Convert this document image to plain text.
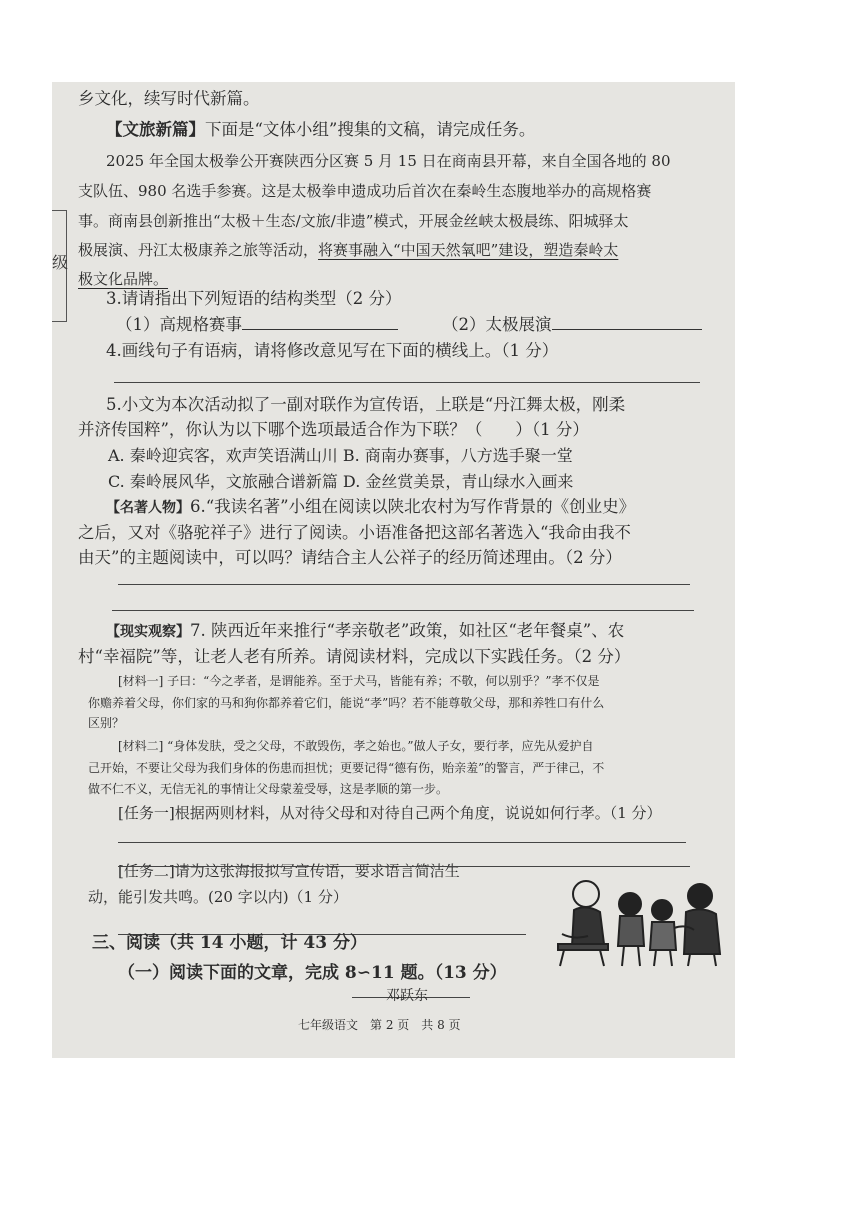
级
乡文化，续写时代新篇。
【文旅新篇】下面是“文体小组”搜集的文稿，请完成任务。
2025 年全国太极拳公开赛陕西分区赛 5 月 15 日在商南县开幕，来自全国各地的 80
支队伍、980 名选手参赛。这是太极拳申遗成功后首次在秦岭生态腹地举办的高规格赛
事。商南县创新推出“太极＋生态/文旅/非遗”模式，开展金丝峡太极晨练、阳城驿太
极展演、丹江太极康养之旅等活动，将赛事融入“中国天然氧吧”建设，塑造秦岭太
极文化品牌。
3.请请指出下列短语的结构类型（2 分）
（1）高规格赛事	（2）太极展演
4.画线句子有语病，请将修改意见写在下面的横线上。（1 分）
5.小文为本次活动拟了一副对联作为宣传语，上联是“丹江舞太极，刚柔
并济传国粹”，你认为以下哪个选项最适合作为下联？（　　）（1 分）
A. 秦岭迎宾客，欢声笑语满山川 B. 商南办赛事，八方选手聚一堂
C. 秦岭展风华，文旅融合谱新篇 D. 金丝赏美景，青山绿水入画来
【名著人物】6.“我读名著”小组在阅读以陕北农村为写作背景的《创业史》
之后，又对《骆驼祥子》进行了阅读。小语准备把这部名著选入“我命由我不
由天”的主题阅读中，可以吗？请结合主人公祥子的经历简述理由。（2 分）
【现实观察】7. 陕西近年来推行“孝亲敬老”政策，如社区“老年餐桌”、农
村“幸福院”等，让老人老有所养。请阅读材料，完成以下实践任务。（2 分）
[材料一] 子曰：“今之孝者，是谓能养。至于犬马，皆能有养；不敬，何以别乎？”孝不仅是
你赡养着父母，你们家的马和狗你都养着它们，能说“孝”吗？若不能尊敬父母，那和养牲口有什么
区别？
[材料二] “身体发肤，受之父母，不敢毁伤，孝之始也。”做人子女，要行孝，应先从爱护自
己开始，不要让父母为我们身体的伤患而担忧；更要记得“德有伤，贻亲羞”的警言，严于律己，不
做不仁不义，无信无礼的事情让父母蒙羞受辱，这是孝顺的第一步。
[任务一]根据两则材料，从对待父母和对待自己两个角度，说说如何行孝。（1 分）
[任务二]请为这张海报拟写宣传语，要求语言简洁生
动，能引发共鸣。(20 字以内)（1 分）
三、阅读（共 14 小题，计 43 分）
（一）阅读下面的文章，完成 8∽11 题。（13 分）
邓跃东
七年级语文　第 2 页　共 8 页
